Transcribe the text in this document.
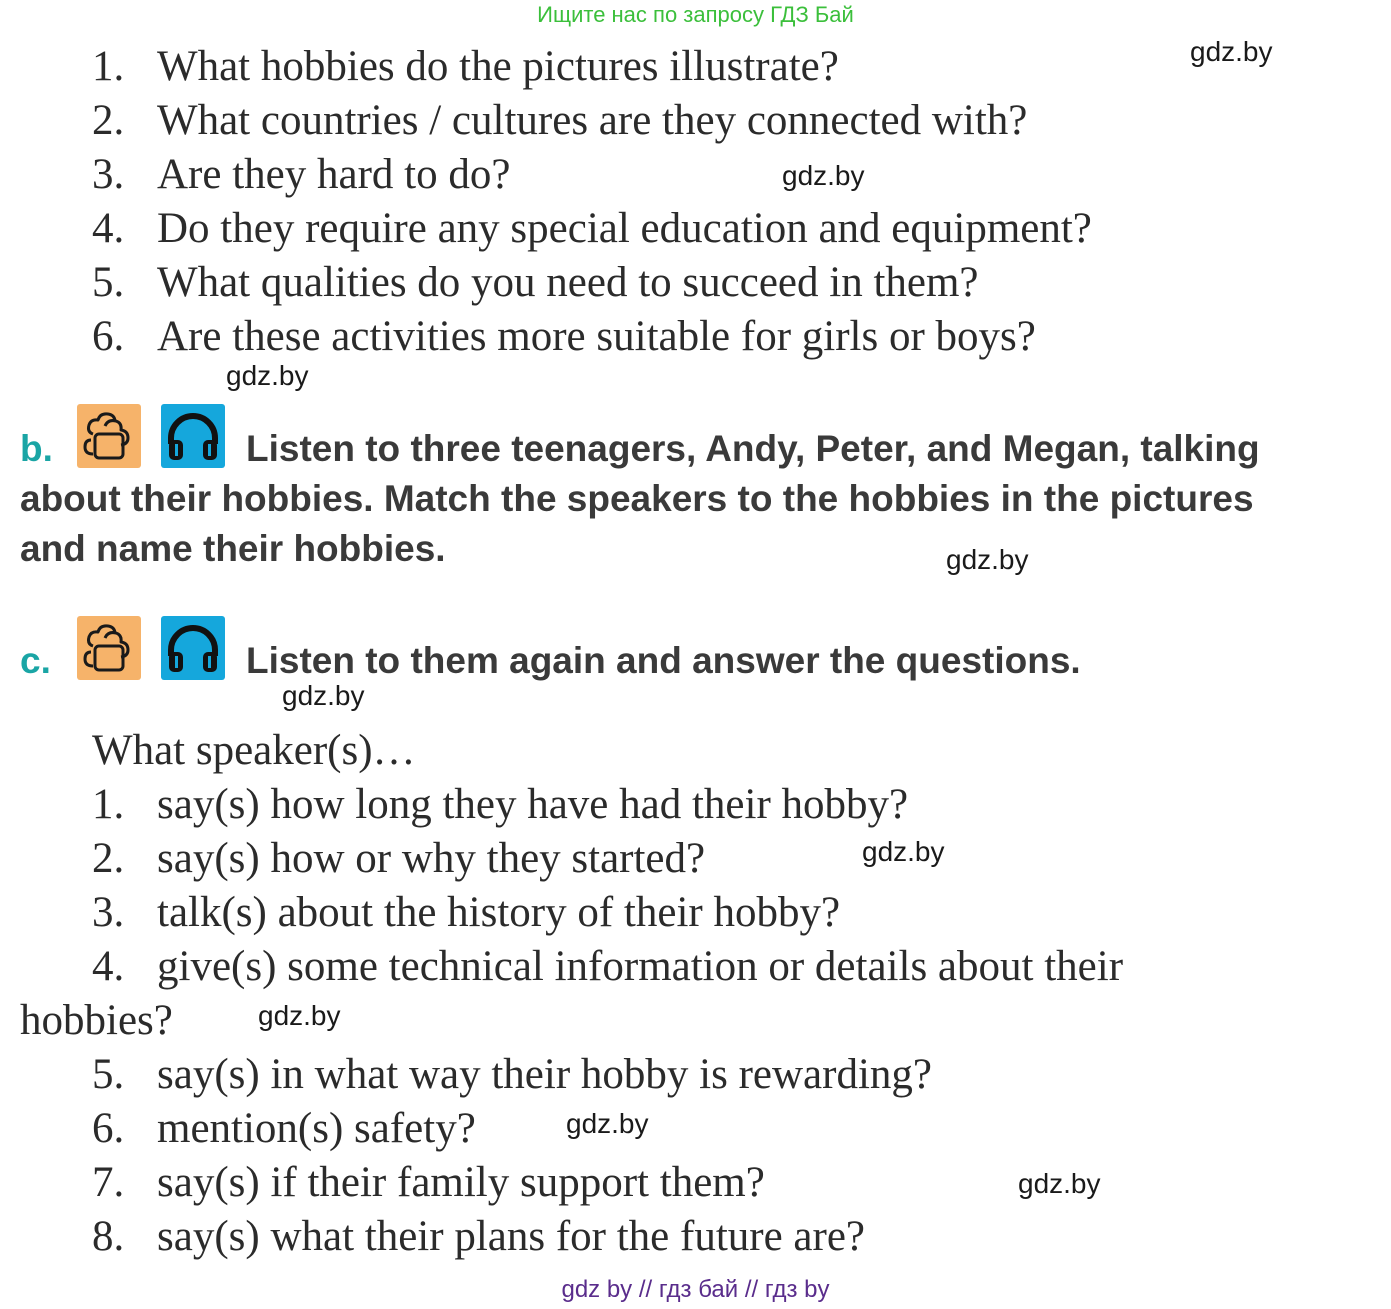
Ищите нас по запросу ГДЗ Бай
1. What hobbies do the pictures illustrate?
2. What countries / cultures are they connected with?
3. Are they hard to do?
4. Do they require any special education and equipment?
5. What qualities do you need to succeed in them?
6. Are these activities more suitable for girls or boys?
gdz.by
gdz.by
gdz.by
gdz.by
gdz.by
gdz.by
gdz.by
gdz.by
gdz.by
b.	Listen to three teenagers, Andy, Peter, and Megan, talking
about their hobbies. Match the speakers to the hobbies in the pictures
and name their hobbies.
c.	Listen to them again and answer the questions.
What speaker(s)…
1. say(s) how long they have had their hobby?
2. say(s) how or why they started?
3. talk(s) about the history of their hobby?
4. give(s) some technical information or details about their
hobbies?
5. say(s) in what way their hobby is rewarding?
6. mention(s) safety?
7. say(s) if their family support them?
8. say(s) what their plans for the future are?
gdz by // гдз бай // гдз by
